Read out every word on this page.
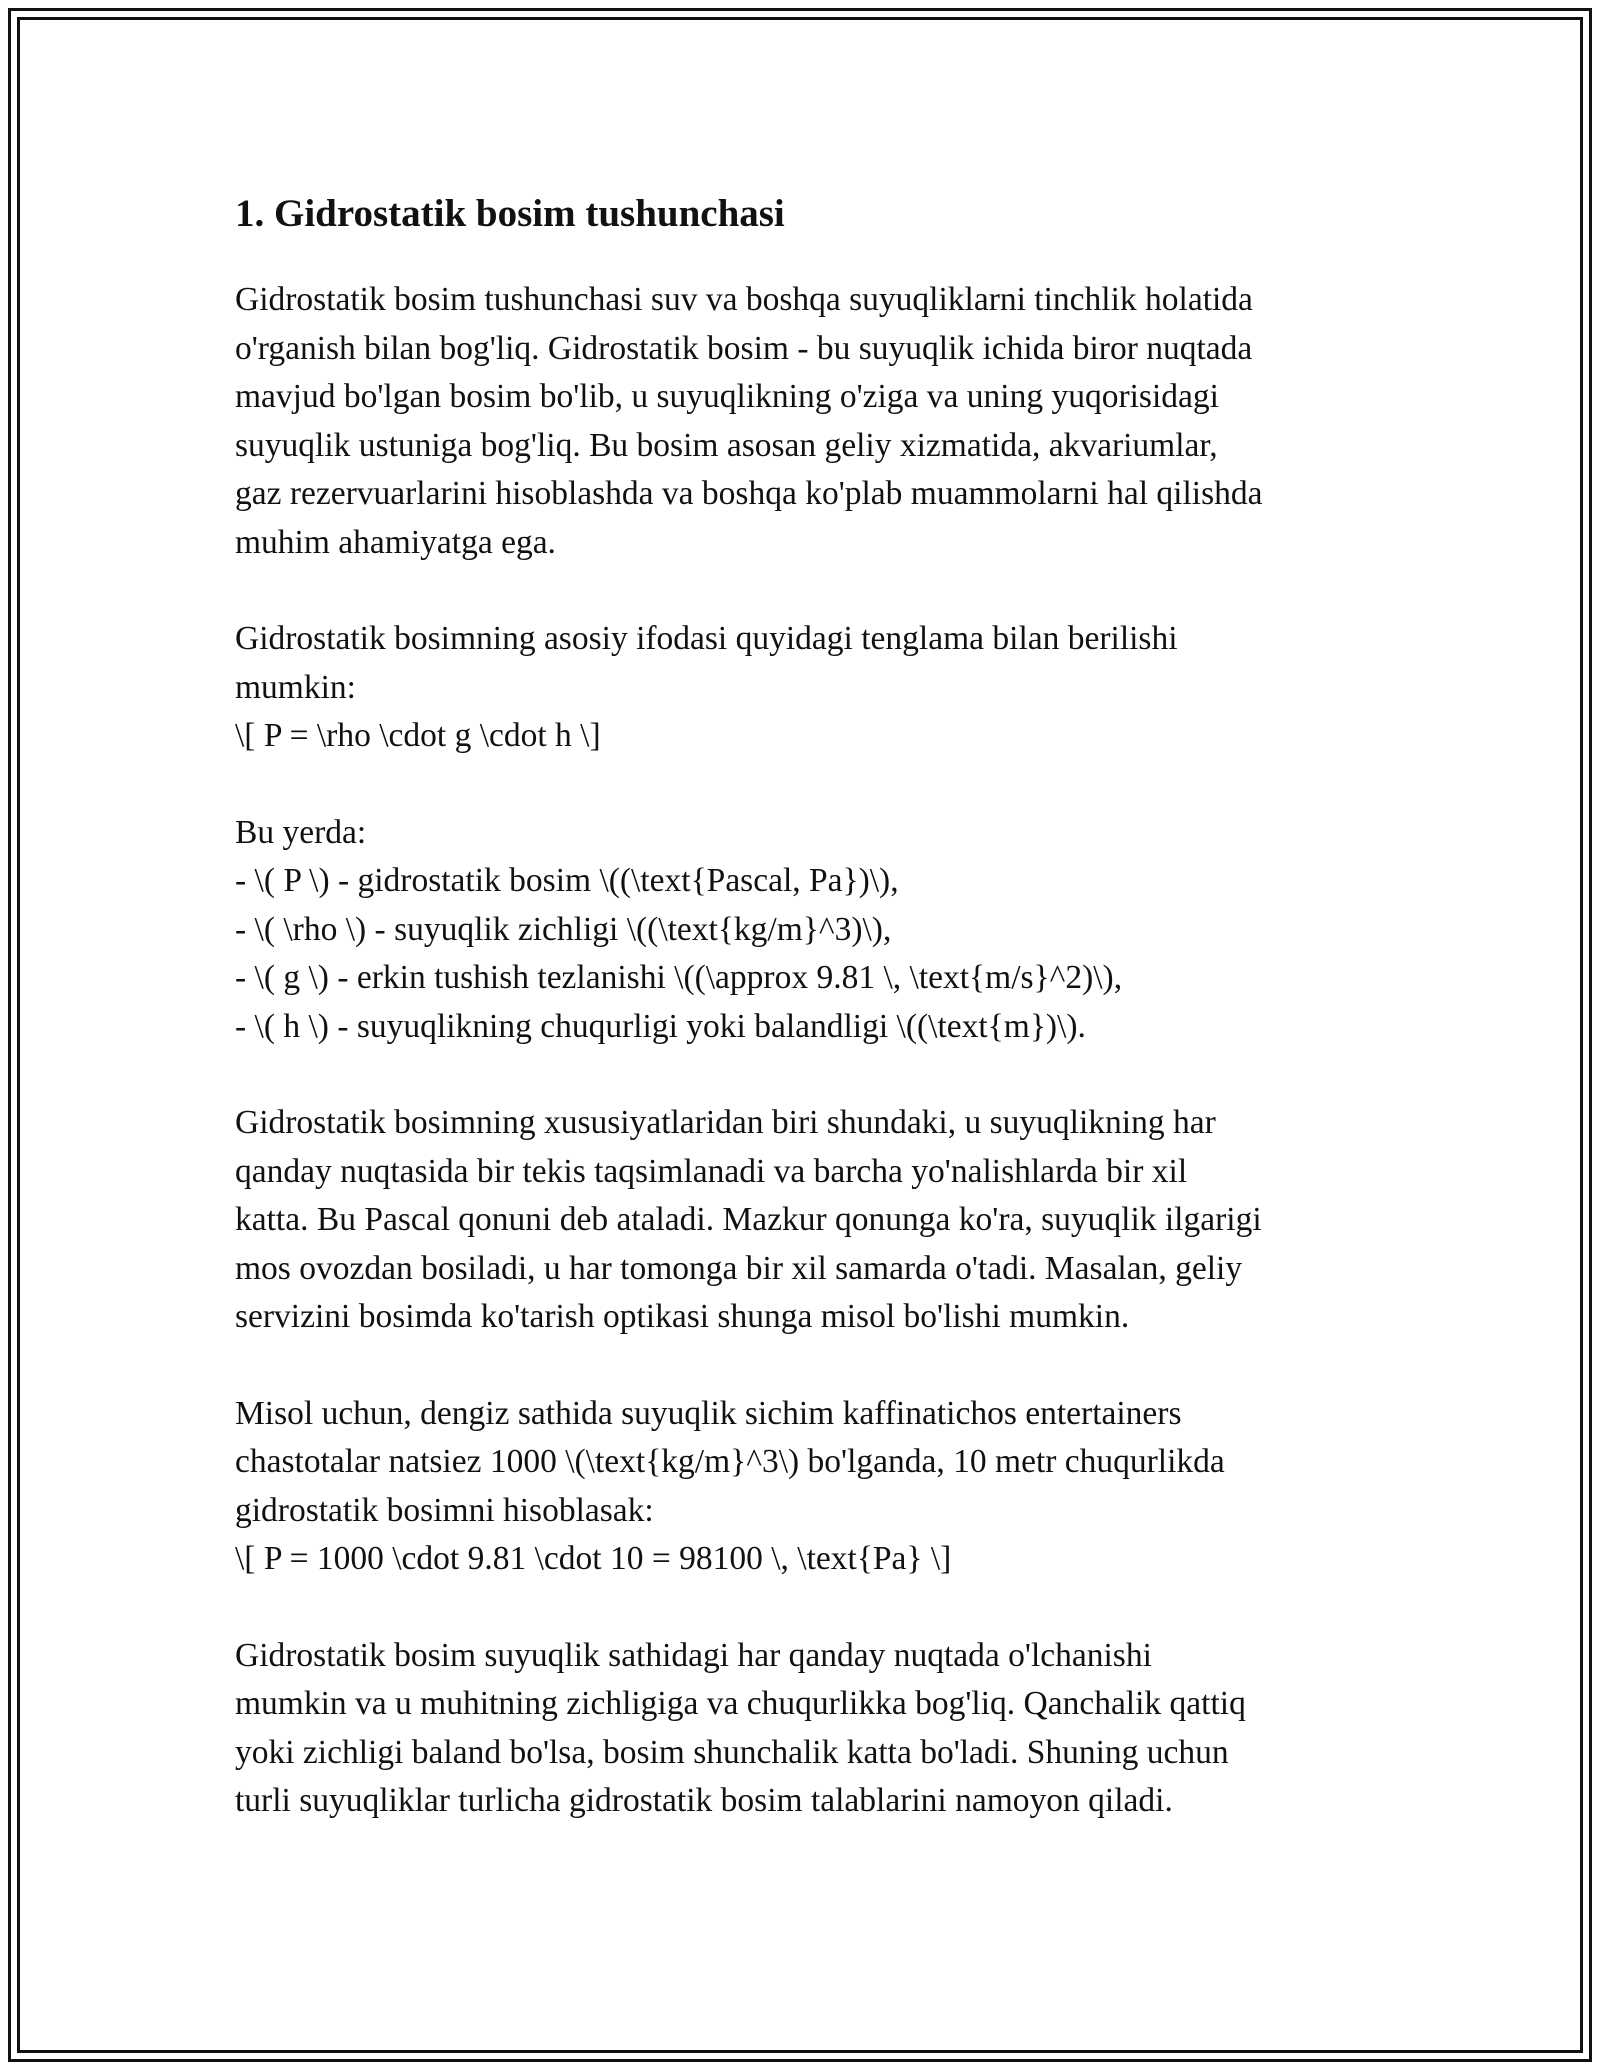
1. Gidrostatik bosim tushunchasi
Gidrostatik bosim tushunchasi suv va boshqa suyuqliklarni tinchlik holatida
o'rganish bilan bog'liq. Gidrostatik bosim - bu suyuqlik ichida biror nuqtada
mavjud bo'lgan bosim bo'lib, u suyuqlikning o'ziga va uning yuqorisidagi
suyuqlik ustuniga bog'liq. Bu bosim asosan geliy xizmatida, akvariumlar,
gaz rezervuarlarini hisoblashda va boshqa ko'plab muammolarni hal qilishda
muhim ahamiyatga ega.
Gidrostatik bosimning asosiy ifodasi quyidagi tenglama bilan berilishi
mumkin:
\[ P = \rho \cdot g \cdot h \]
Bu yerda:
- \( P \) - gidrostatik bosim \((\text{Pascal, Pa})\),
- \( \rho \) - suyuqlik zichligi \((\text{kg/m}^3)\),
- \( g \) - erkin tushish tezlanishi \((\approx 9.81 \, \text{m/s}^2)\),
- \( h \) - suyuqlikning chuqurligi yoki balandligi \((\text{m})\).
Gidrostatik bosimning xususiyatlaridan biri shundaki, u suyuqlikning har
qanday nuqtasida bir tekis taqsimlanadi va barcha yo'nalishlarda bir xil
katta. Bu Pascal qonuni deb ataladi. Mazkur qonunga ko'ra, suyuqlik ilgarigi
mos ovozdan bosiladi, u har tomonga bir xil samarda o'tadi. Masalan, geliy
servizini bosimda ko'tarish optikasi shunga misol bo'lishi mumkin.
Misol uchun, dengiz sathida suyuqlik sichim kaffinatichos entertainers
chastotalar natsiez 1000 \(\text{kg/m}^3\) bo'lganda, 10 metr chuqurlikda
gidrostatik bosimni hisoblasak:
\[ P = 1000 \cdot 9.81 \cdot 10 = 98100 \, \text{Pa} \]
Gidrostatik bosim suyuqlik sathidagi har qanday nuqtada o'lchanishi
mumkin va u muhitning zichligiga va chuqurlikka bog'liq. Qanchalik qattiq
yoki zichligi baland bo'lsa, bosim shunchalik katta bo'ladi. Shuning uchun
turli suyuqliklar turlicha gidrostatik bosim talablarini namoyon qiladi.
